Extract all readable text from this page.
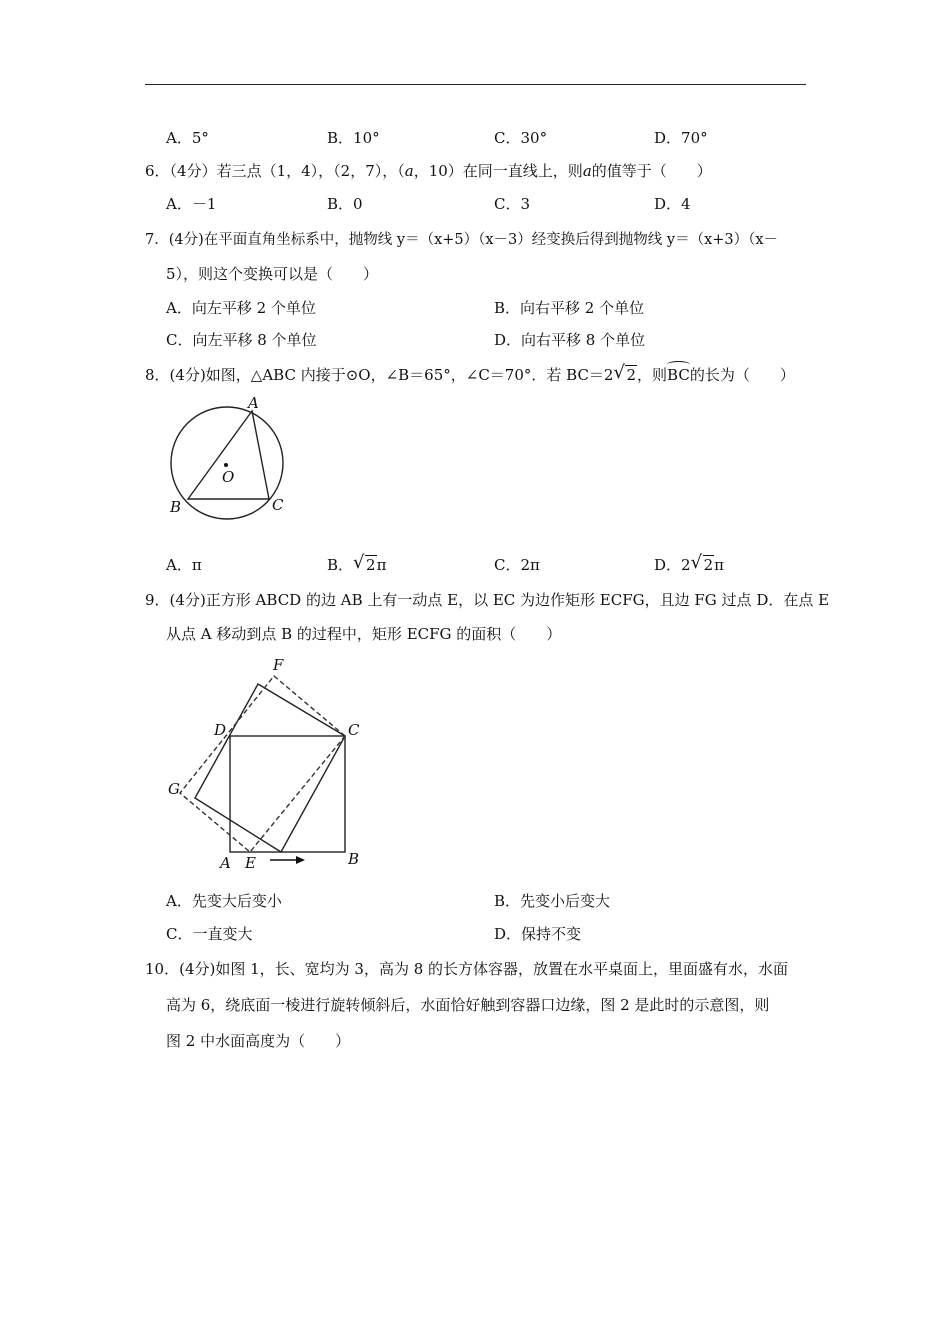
A．5°	B．10°	C．30°	D．70°
6．（4分）若三点（1，4），（2，7），（a，10）在同一直线上，则a的值等于（　　）
A．－1	B．0	C．3	D．4
7．(4分)在平面直角坐标系中，抛物线 y＝（x+5）（x－3）经变换后得到抛物线 y＝（x+3）（x－
5），则这个变换可以是（　　）
A．向左平移 2 个单位	B．向右平移 2 个单位
C．向左平移 8 个单位	D．向右平移 8 个单位
8．(4分)如图，△ABC 内接于⊙O，∠B＝65°，∠C＝70°．若 BC＝2 √ 2，则BC的长为（　　）
A
O
B	C
A．π	B． √ 2π	C．2π	D．2 √ 2π
9．(4分)正方形 ABCD 的边 AB 上有一动点 E，以 EC 为边作矩形 ECFG，且边 FG 过点 D．在点 E
从点 A 移动到点 B 的过程中，矩形 ECFG 的面积（　　）
F
D	C
G
A E	B
A．先变大后变小	B．先变小后变大
C．一直变大	D．保持不变
10．(4分)如图 1，长、宽均为 3，高为 8 的长方体容器，放置在水平桌面上，里面盛有水，水面
高为 6，绕底面一棱进行旋转倾斜后，水面恰好触到容器口边缘，图 2 是此时的示意图，则
图 2 中水面高度为（　　）
